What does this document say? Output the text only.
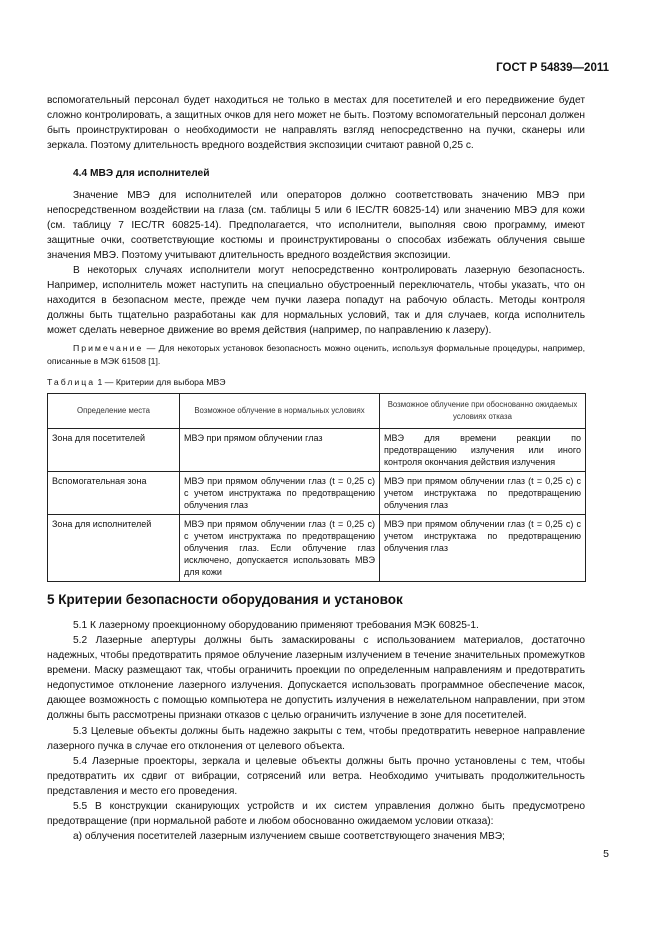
ГОСТ Р 54839—2011

вспомогательный персонал будет находиться не только в местах для посетителей и его передвижение будет сложно контролировать, а защитных очков для него может не быть. Поэтому вспомогательный персонал должен быть проинструктирован о необходимости не направлять взгляд непосредственно на пучки, сканеры или зеркала. Поэтому длительность вредного воздействия экспозиции считают равной 0,25 с.

4.4 МВЭ для исполнителей

Значение МВЭ для исполнителей или операторов должно соответствовать значению МВЭ при непосредственном воздействии на глаза (см. таблицы 5 или 6 IEC/TR 60825-14) или значению МВЭ для кожи (см. таблицу 7 IEC/TR 60825-14). Предполагается, что исполнители, выполняя свою программу, имеют защитные очки, соответствующие костюмы и проинструктированы о способах избежать облучения свыше значения МВЭ. Поэтому учитывают длительность вредного воздействия экспозиции.

В некоторых случаях исполнители могут непосредственно контролировать лазерную безопасность. Например, исполнитель может наступить на специально обустроенный переключатель, чтобы указать, что он находится в безопасном месте, прежде чем пучки лазера попадут на рабочую область. Методы контроля должны быть тщательно разработаны как для нормальных условий, так и для случаев, когда исполнитель может сделать неверное движение во время действия (например, по направлению к лазеру).

Примечание — Для некоторых установок безопасность можно оценить, используя формальные процедуры, например, описанные в МЭК 61508 [1].

Таблица 1 — Критерии для выбора МВЭ
Определение места	Возможное облучение в нормальных условиях	Возможное облучение при обоснованно ожидаемых условиях отказа
Зона для посетителей	МВЭ при прямом облучении глаз	МВЭ для времени реакции по предотвращению излучения или иного контроля окончания действия излучения
Вспомогательная зона	МВЭ при прямом облучении глаз (t = 0,25 c) с учетом инструктажа по предотвращению облучения глаз	МВЭ при прямом облучении глаз (t = 0,25 c) с учетом инструктажа по предотвращению облучения глаз
Зона для исполнителей	МВЭ при прямом облучении глаз (t = 0,25 c) с учетом инструктажа по предотвращению облучения глаз. Если облучение глаз исключено, допускается использовать МВЭ для кожи	МВЭ при прямом облучении глаз (t = 0,25 c) с учетом инструктажа по предотвращению облучения глаз
5 Критерии безопасности оборудования и установок

5.1 К лазерному проекционному оборудованию применяют требования МЭК 60825-1.

5.2 Лазерные апертуры должны быть замаскированы с использованием материалов, достаточно надежных, чтобы предотвратить прямое облучение лазерным излучением в течение значительных промежутков времени. Маску размещают так, чтобы ограничить проекции по определенным направлениям и предотвратить недопустимое отклонение лазерного излучения. Допускается использовать программное обеспечение масок, дающее возможность с помощью компьютера не допустить излучения в нежелательном направлении, при этом должны быть рассмотрены признаки отказов с целью ограничить излучение в зоне для посетителей.

5.3 Целевые объекты должны быть надежно закрыты с тем, чтобы предотвратить неверное направление лазерного пучка в случае его отклонения от целевого объекта.

5.4 Лазерные проекторы, зеркала и целевые объекты должны быть прочно установлены с тем, чтобы предотвратить их сдвиг от вибрации, сотрясений или ветра. Необходимо учитывать продолжительность представления и место его проведения.

5.5 В конструкции сканирующих устройств и их систем управления должно быть предусмотрено предотвращение (при нормальной работе и любом обоснованно ожидаемом условии отказа):

а) облучения посетителей лазерным излучением свыше соответствующего значения МВЭ;

5
